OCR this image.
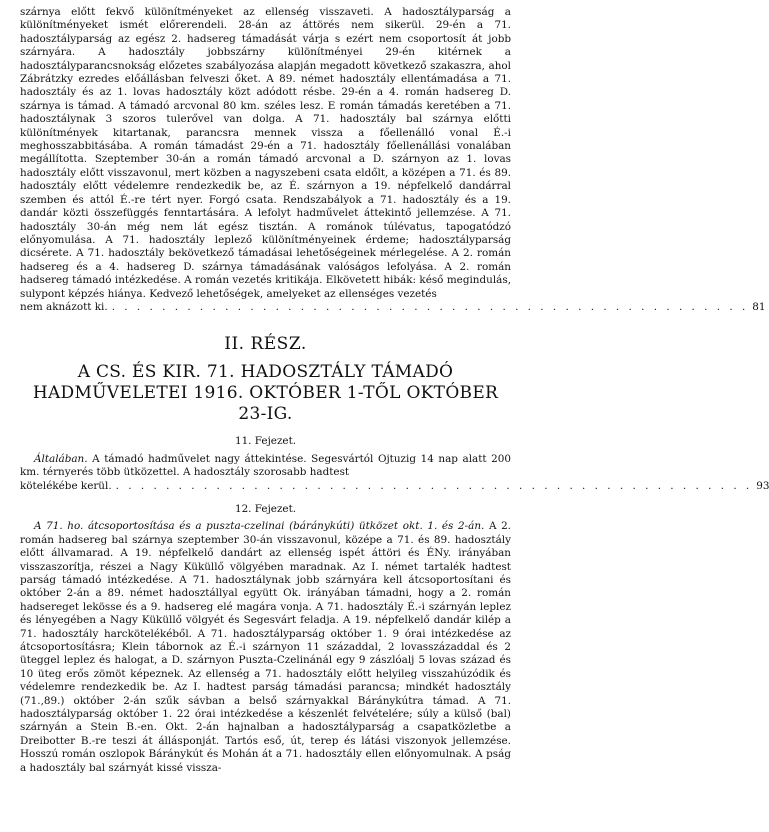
szárnya előtt fekvő különítményeket az ellenség visszaveti. A hadosztályparság a különítményeket ismét előrerendeli. 28-án az áttörés nem sikerül. 29-én a 71. hadosztályparság az egész 2. hadsereg támadását várja s ezért nem csoportosít át jobb szárnyára. A hadosztály jobbszárny különítményei 29-én kitérnek a hadosztályparancsnokság előzetes szabályozása alapján megadott következő szakaszra, ahol Zábrátzky ezredes előállásban felveszi őket. A 89. német hadosztály ellentámadása a 71. hadosztály és az 1. lovas hadosztály közt adódott résbe. 29-én a 4. román hadsereg D. szárnya is támad. A támadó arcvonal 80 km. széles lesz. E román támadás keretében a 71. hadosztálynak 3 szoros tulerővel van dolga. A 71. hadosztály bal szárnya előtti különítmények kitartanak, parancsra mennek vissza a főellenálló vonal É.-i meghosszabbitásába. A román támadást 29-én a 71. hadosztály főellenállási vonalában megállította. Szeptember 30-án a román támadó arcvonal a D. szárnyon az 1. lovas hadosztály előtt visszavonul, mert közben a nagyszebeni csata eldőlt, a középen a 71. és 89. hadosztály előtt védelemre rendezkedik be, az É. szárnyon a 19. népfelkelő dandárral szemben és attól É.-re tért nyer. Forgó csata. Rendszabályok a 71. hadosztály és a 19. dandár közti összefüggés fenntartására. A lefolyt hadművelet áttekintő jellemzése. A 71. hadosztály 30-án még nem lát egész tisztán. A románok túlévatus, tapogatódzó előnyomulása. A 71. hadosztály leplező különítményeinek érdeme; hadosztályparság dicsérete. A 71. hadosztály bekövetkező támadásai lehetőségeinek mérlegelése. A 2. román hadsereg és a 4. hadsereg D. szárnya támadásának valóságos lefolyása. A 2. román hadsereg támadó intézkedése. A román vezetés kritikája. Elkövetett hibák: késő megindulás, sulypont képzés hiánya. Kedvező lehetőségek, amelyeket az ellenséges vezetés

nem aknázott ki. . . . . . . . . . . . . . . . . . . . . . . . . . . . . . . . . . . . . . . . . . . . . . . . . . . . 81
II. RÉSZ.
A CS. ÉS KIR. 71. HADOSZTÁLY TÁMADÓ
HADMŰVELETEI 1916. OKTÓBER 1-TŐL OKTÓBER 23-IG.
11. Fejezet.

Általában. A támadó hadművelet nagy áttekintése. Segesvártól Ojtuzig 14 nap alatt 200 km. térnyerés több ütközettel. A hadosztály szorosabb hadtest

kötelékébe kerül. . . . . . . . . . . . . . . . . . . . . . . . . . . . . . . . . . . . . . . . . . . . . . . . . . . . 93
12. Fejezet.

A 71. ho. átcsoportosítása és a puszta-czelinai (báránykúti) ütközet okt. 1. és 2-án. A 2. román hadsereg bal szárnya szeptember 30-án visszavonul, középe a 71. és 89. hadosztály előtt állvamarad. A 19. népfelkelő dandárt az ellenség ispét áttöri és ÉNy. irányában visszaszorítja, részei a Nagy Küküllő völgyében maradnak. Az I. német tartalék hadtest parság támadó intézkedése. A 71. hadosztálynak jobb szárnyára kell átcsoportosítani és október 2-án a 89. német hadosztállyal együtt Ok. irányában támadni, hogy a 2. román hadsereget lekösse és a 9. hadsereg elé magára vonja. A 71. hadosztály É.-i szárnyán leplez és lényegében a Nagy Küküllő völgyét és Segesvárt feladja. A 19. népfelkelő dandár kilép a 71. hadosztály harckötelékéből. A 71. hadosztályparság október 1. 9 órai intézkedése az átcsoportosításra; Klein tábornok az É.-i szárnyon 11 századdal, 2 lovasszázaddal és 2 üteggel leplez és halogat, a D. szárnyon Puszta-Czelinánál egy 9 zászlóalj 5 lovas század és 10 üteg erős zömöt képeznek. Az ellenség a 71. hadosztály előtt helyileg visszahúzódik és védelemre rendezkedik be. Az I. hadtest parság támadási parancsa; mindkét hadosztály (71.,89.) október 2-án szűk sávban a belső szárnyakkal Báránykútra támad. A 71. hadosztályparság október 1. 22 órai intézkedése a készenlét felvételére; súly a külső (bal) szárnyán a Stein B.-en. Okt. 2-án hajnalban a hadosztályparság a csapatközletbe a Dreibotter B.-re teszi át állásponját. Tartós eső, út, terep és látási viszonyok jellemzése. Hosszú román oszlopok Báránykút és Mohán át a 71. hadosztály ellen előnyomulnak. A pság a hadosztály bal szárnyát kissé vissza-
